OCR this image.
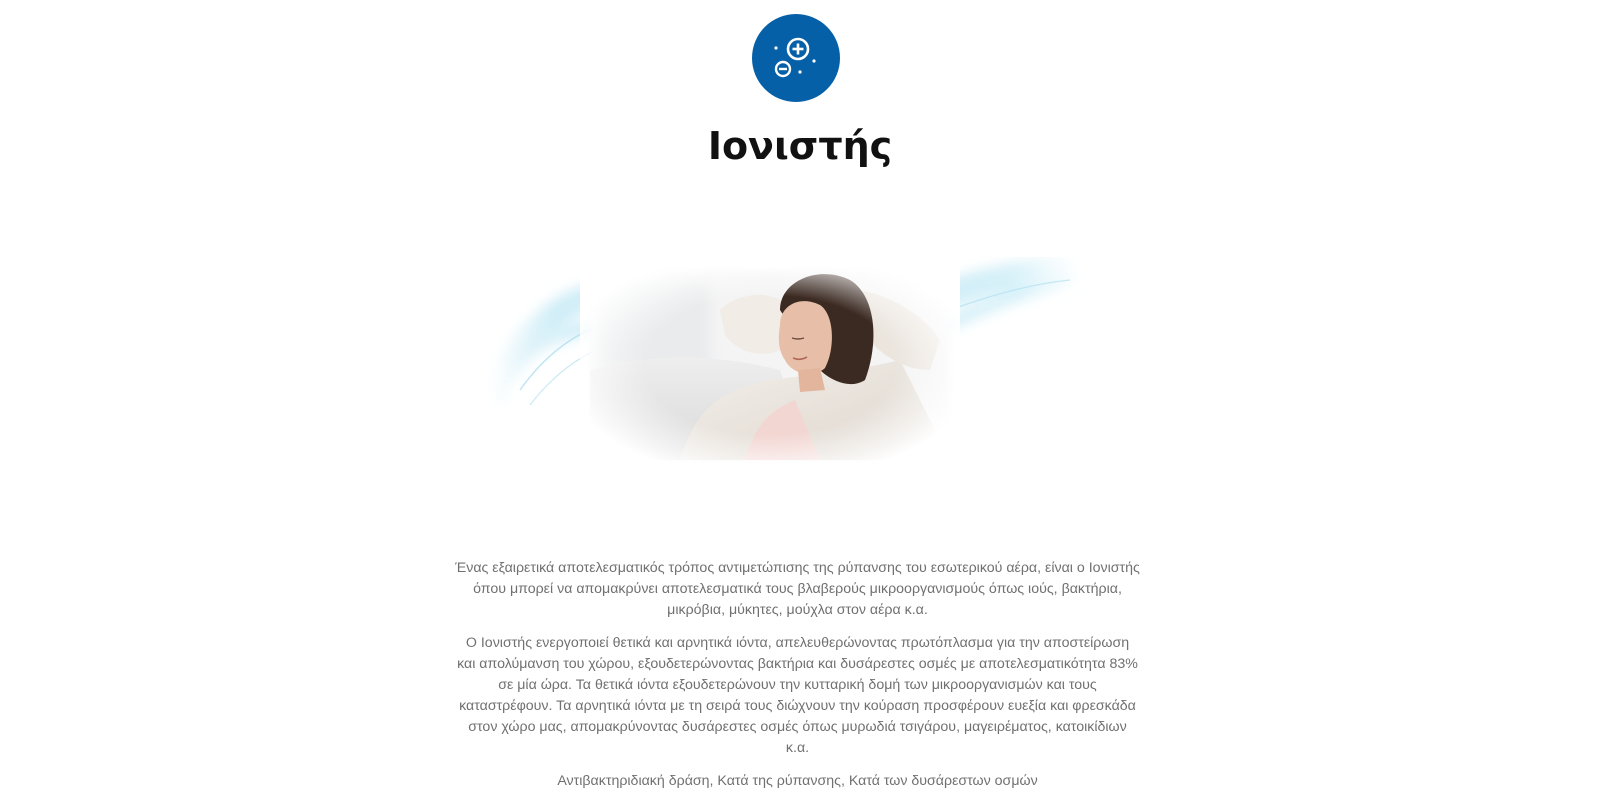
Ιονιστής

Ένας εξαιρετικά αποτελεσματικός τρόπος αντιμετώπισης της ρύπανσης του εσωτερικού αέρα, είναι ο Ιονιστής όπου μπορεί να απομακρύνει αποτελεσματικά τους βλαβερούς μικροοργανισμούς όπως ιούς, βακτήρια, μικρόβια, μύκητες, μούχλα στον αέρα κ.α.

Ο Ιονιστής ενεργοποιεί θετικά και αρνητικά ιόντα, απελευθερώνοντας πρωτόπλασμα για την αποστείρωση και απολύμανση του χώρου, εξουδετερώνοντας βακτήρια και δυσάρεστες οσμές με αποτελεσματικότητα 83% σε μία ώρα. Τα θετικά ιόντα εξουδετερώνουν την κυτταρική δομή των μικροοργανισμών και τους καταστρέφουν. Τα αρνητικά ιόντα με τη σειρά τους διώχνουν την κούραση προσφέρουν ευεξία και φρεσκάδα στον χώρο μας, απομακρύνοντας δυσάρεστες οσμές όπως μυρωδιά τσιγάρου, μαγειρέματος, κατοικίδιων κ.α.

Αντιβακτηριδιακή δράση, Κατά της ρύπανσης, Κατά των δυσάρεστων οσμών
